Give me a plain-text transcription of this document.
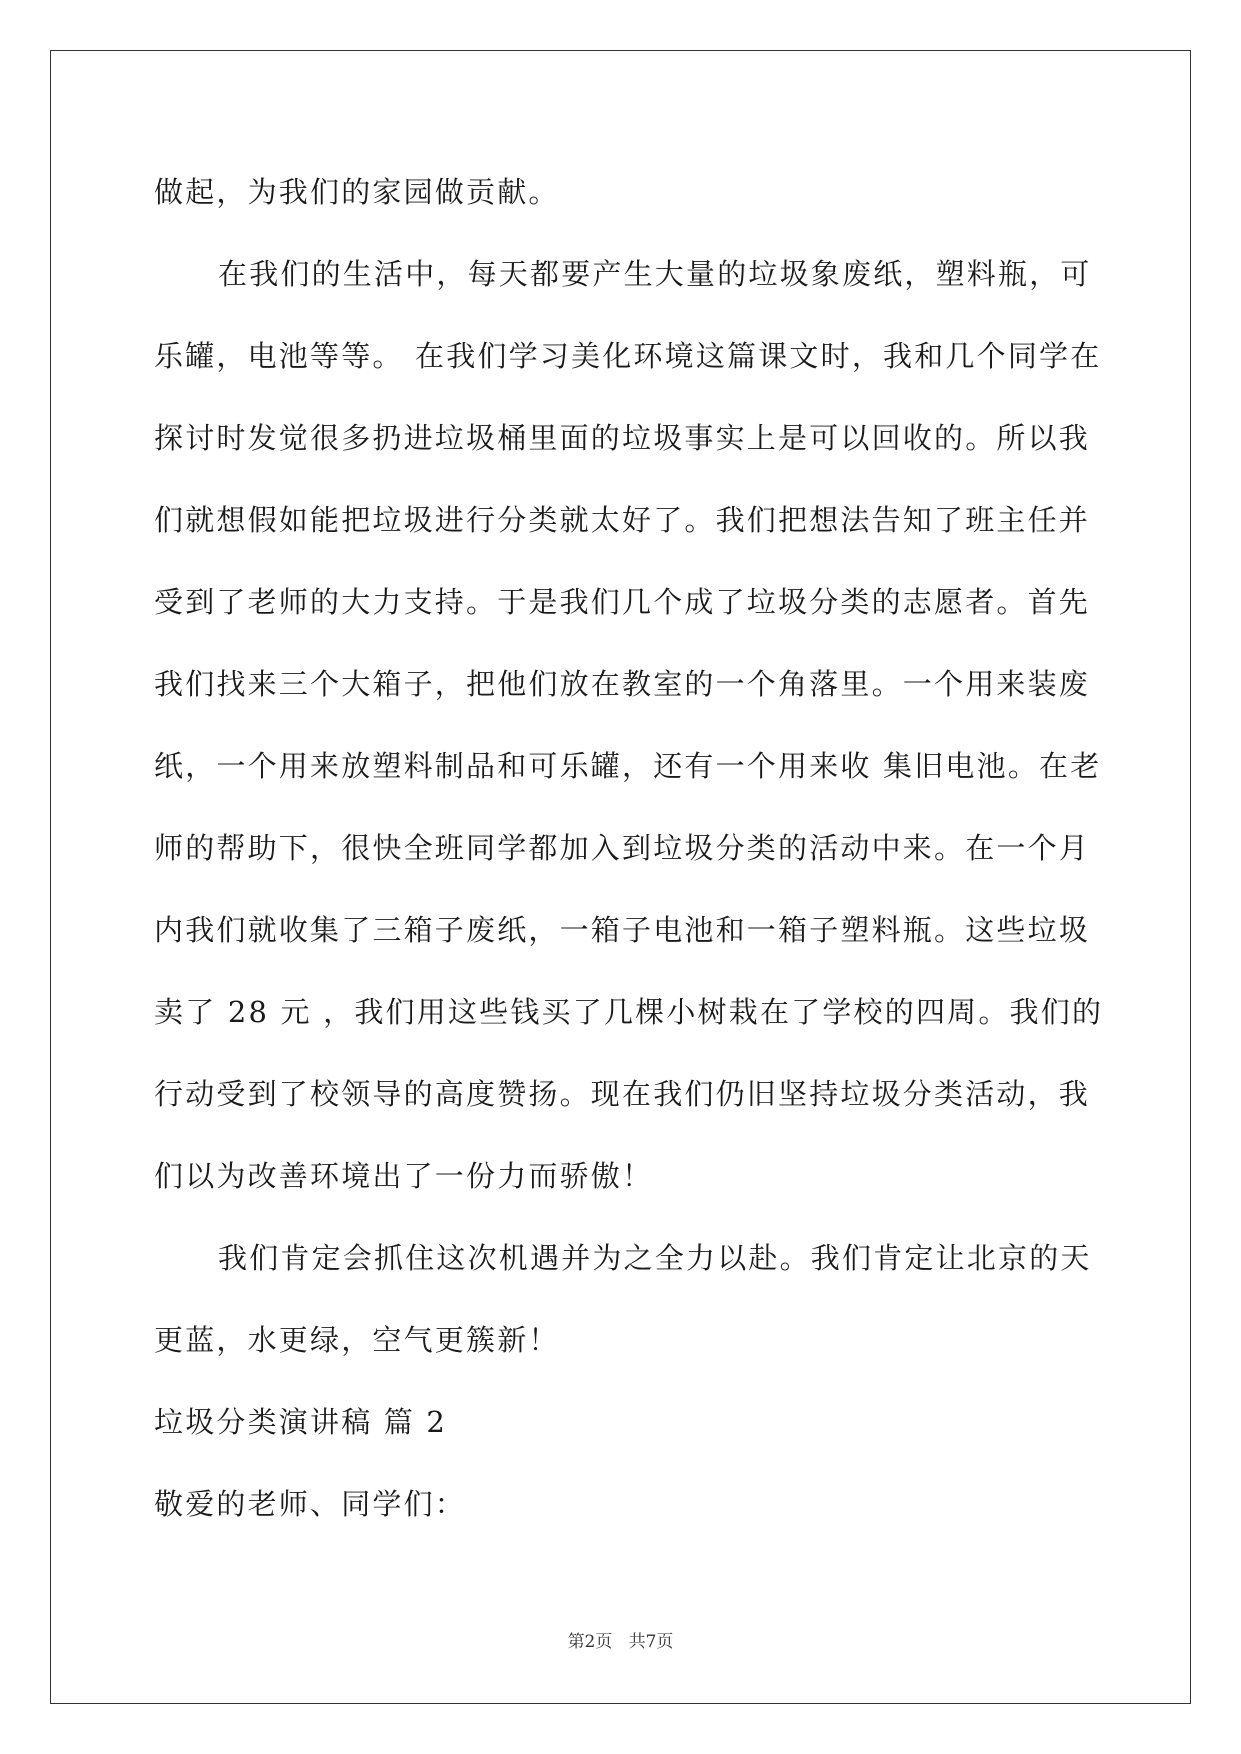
做起，为我们的家园做贡献。
在我们的生活中，每天都要产生大量的垃圾象废纸，塑料瓶，可
乐罐，电池等等。 在我们学习美化环境这篇课文时，我和几个同学在
探讨时发觉很多扔进垃圾桶里面的垃圾事实上是可以回收的。所以我
们就想假如能把垃圾进行分类就太好了。我们把想法告知了班主任并
受到了老师的大力支持。于是我们几个成了垃圾分类的志愿者。首先
我们找来三个大箱子，把他们放在教室的一个角落里。一个用来装废
纸，一个用来放塑料制品和可乐罐，还有一个用来收 集旧电池。在老
师的帮助下，很快全班同学都加入到垃圾分类的活动中来。在一个月
内我们就收集了三箱子废纸，一箱子电池和一箱子塑料瓶。这些垃圾
卖了 28 元 ，我们用这些钱买了几棵小树栽在了学校的四周。我们的
行动受到了校领导的高度赞扬。现在我们仍旧坚持垃圾分类活动，我
们以为改善环境出了一份力而骄傲！
我们肯定会抓住这次机遇并为之全力以赴。我们肯定让北京的天
更蓝，水更绿，空气更簇新！
垃圾分类演讲稿 篇 2
敬爱的老师、同学们：
第2页 共7页
